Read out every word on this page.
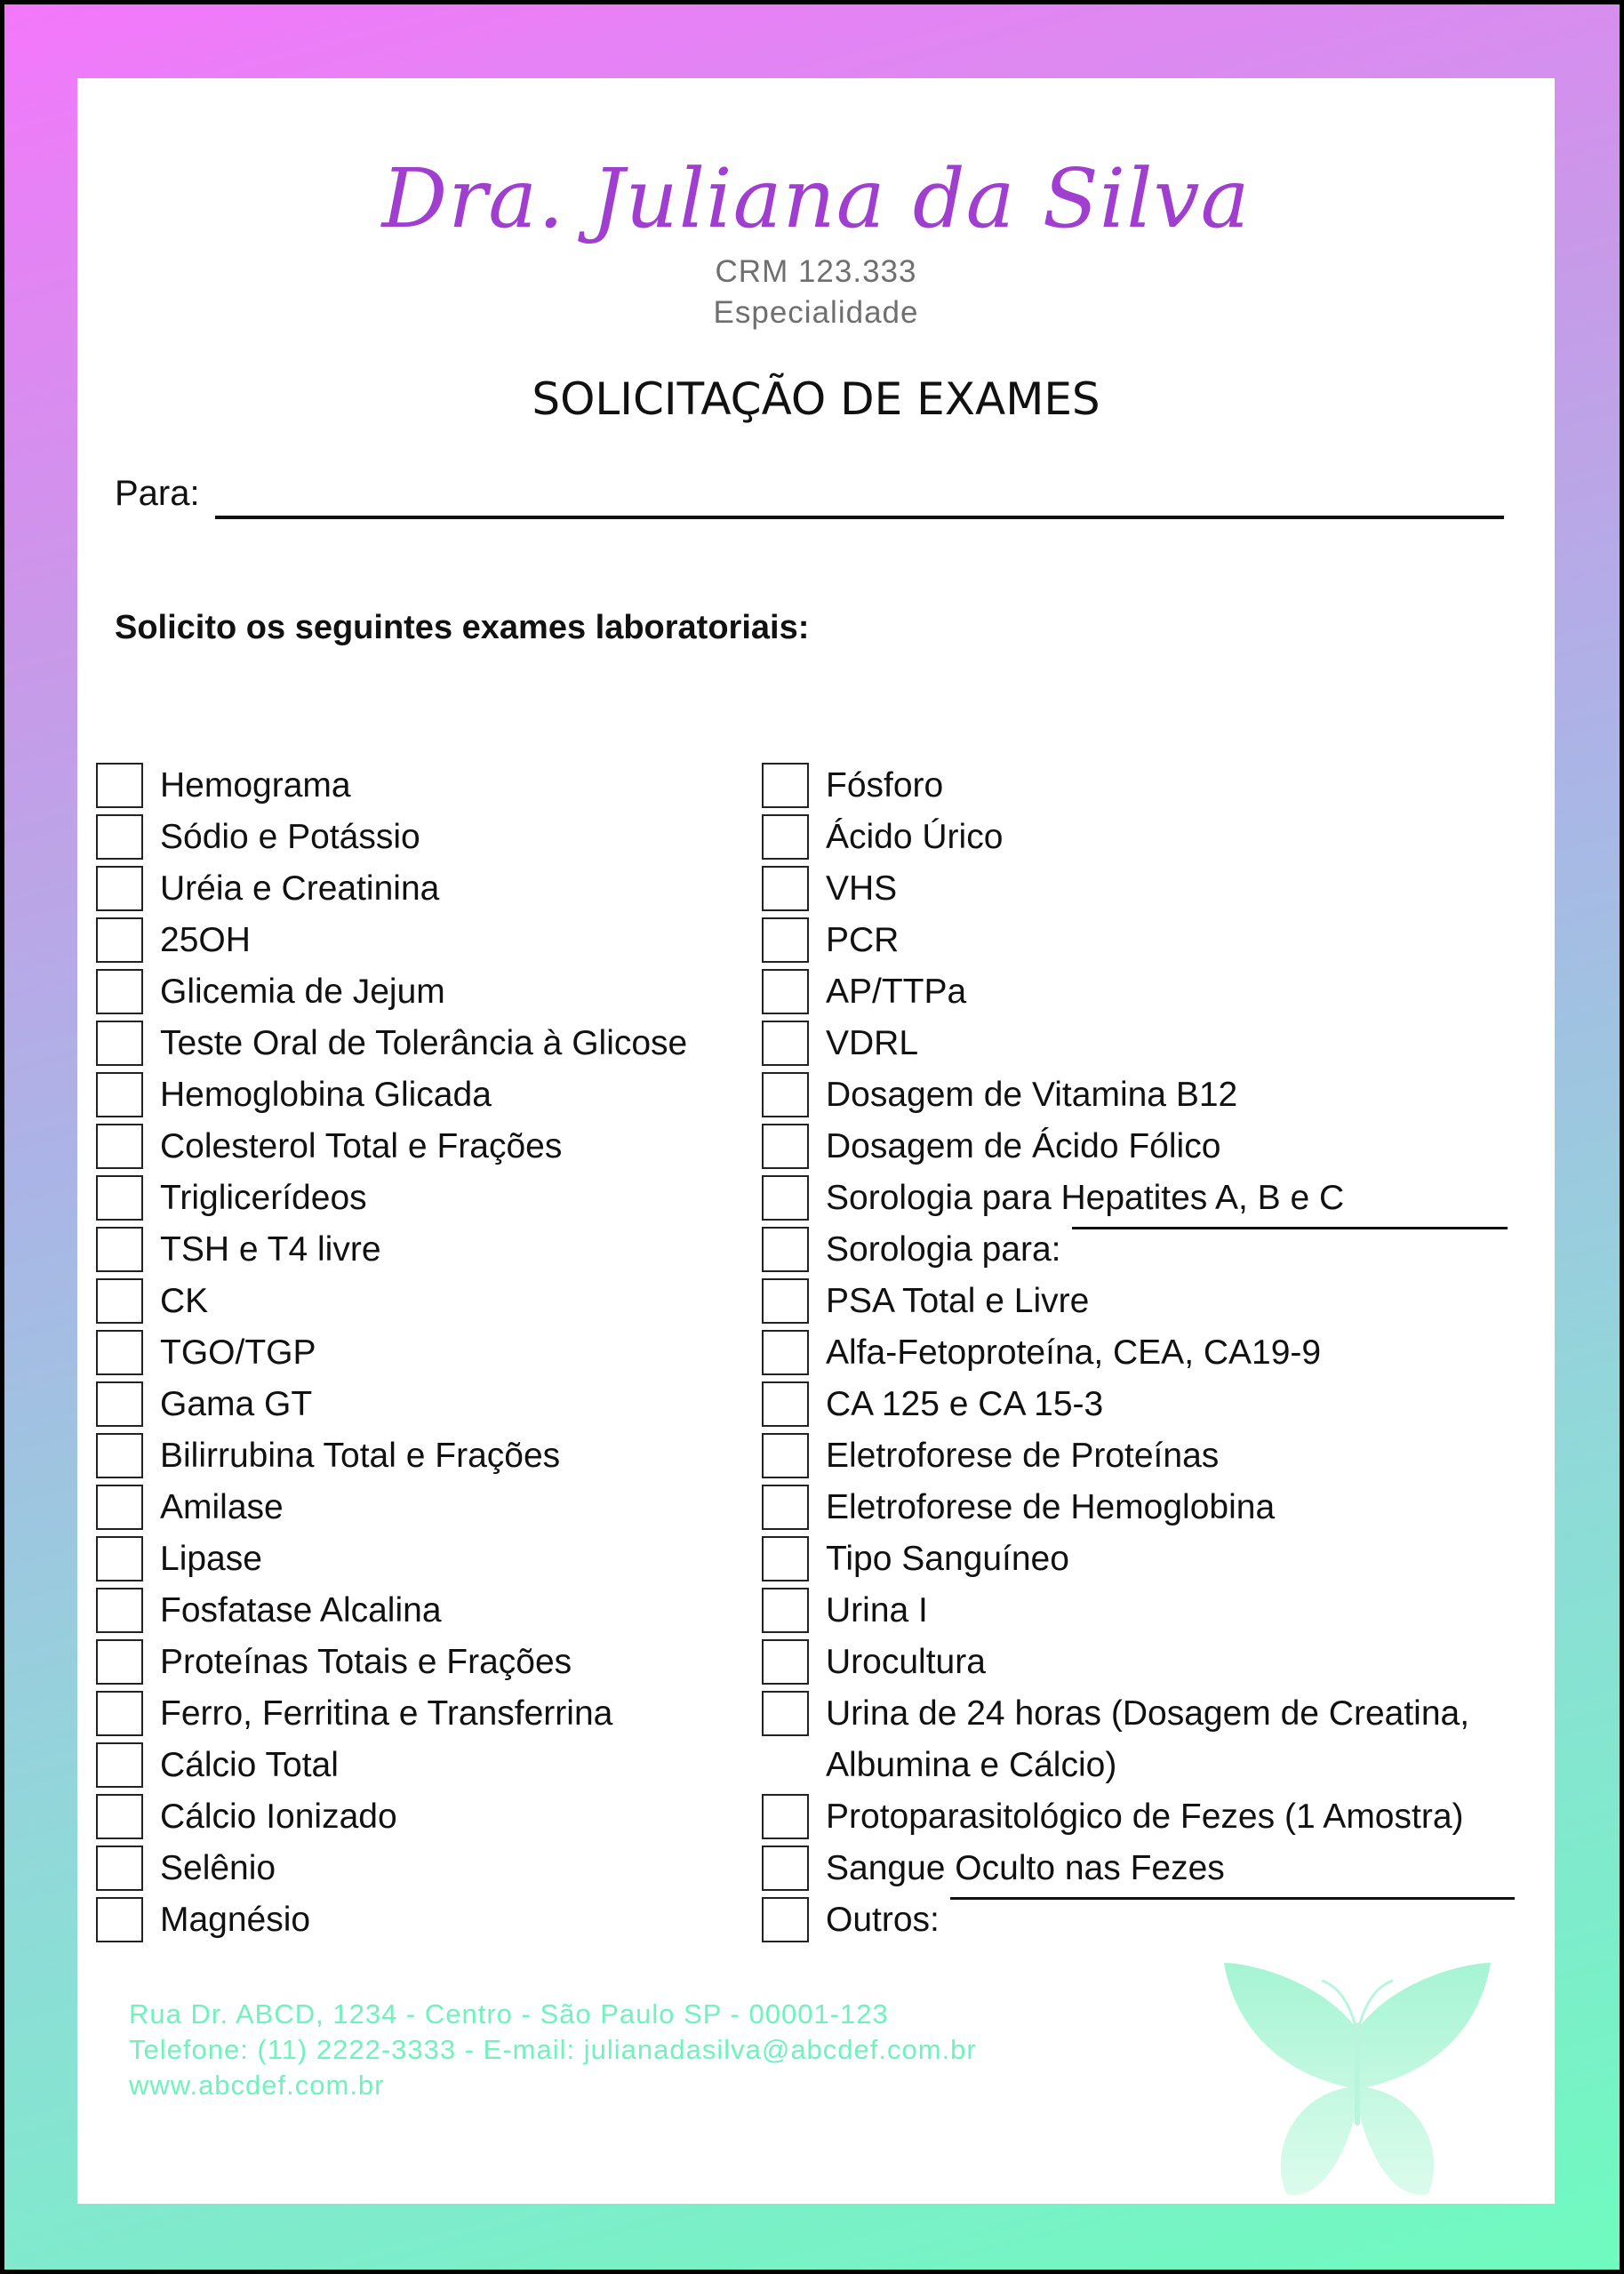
Dra. Juliana da Silva
CRM 123.333
Especialidade
SOLICITAÇÃO DE EXAMES
Para:
Solicito os seguintes exames laboratoriais:
Hemograma
Sódio e Potássio
Uréia e Creatinina
25OH
Glicemia de Jejum
Teste Oral de Tolerância à Glicose
Hemoglobina Glicada
Colesterol Total e Frações
Triglicerídeos
TSH e T4 livre
CK
TGO/TGP
Gama GT
Bilirrubina Total e Frações
Amilase
Lipase
Fosfatase Alcalina
Proteínas Totais e Frações
Ferro, Ferritina e Transferrina
Cálcio Total
Cálcio Ionizado
Selênio
Magnésio
Fósforo
Ácido Úrico
VHS
PCR
AP/TTPa
VDRL
Dosagem de Vitamina B12
Dosagem de Ácido Fólico
Sorologia para Hepatites A, B e C
Sorologia para:
PSA Total e Livre
Alfa-Fetoproteína, CEA, CA19-9
CA 125 e CA 15-3
Eletroforese de Proteínas
Eletroforese de Hemoglobina
Tipo Sanguíneo
Urina I
Urocultura
Urina de 24 horas (Dosagem de Creatina,
Albumina e Cálcio)
Protoparasitológico de Fezes (1 Amostra)
Sangue Oculto nas Fezes
Outros:
Rua Dr. ABCD, 1234 - Centro - São Paulo SP - 00001-123
Telefone: (11) 2222-3333 - E-mail: julianadasilva@abcdef.com.br
www.abcdef.com.br
